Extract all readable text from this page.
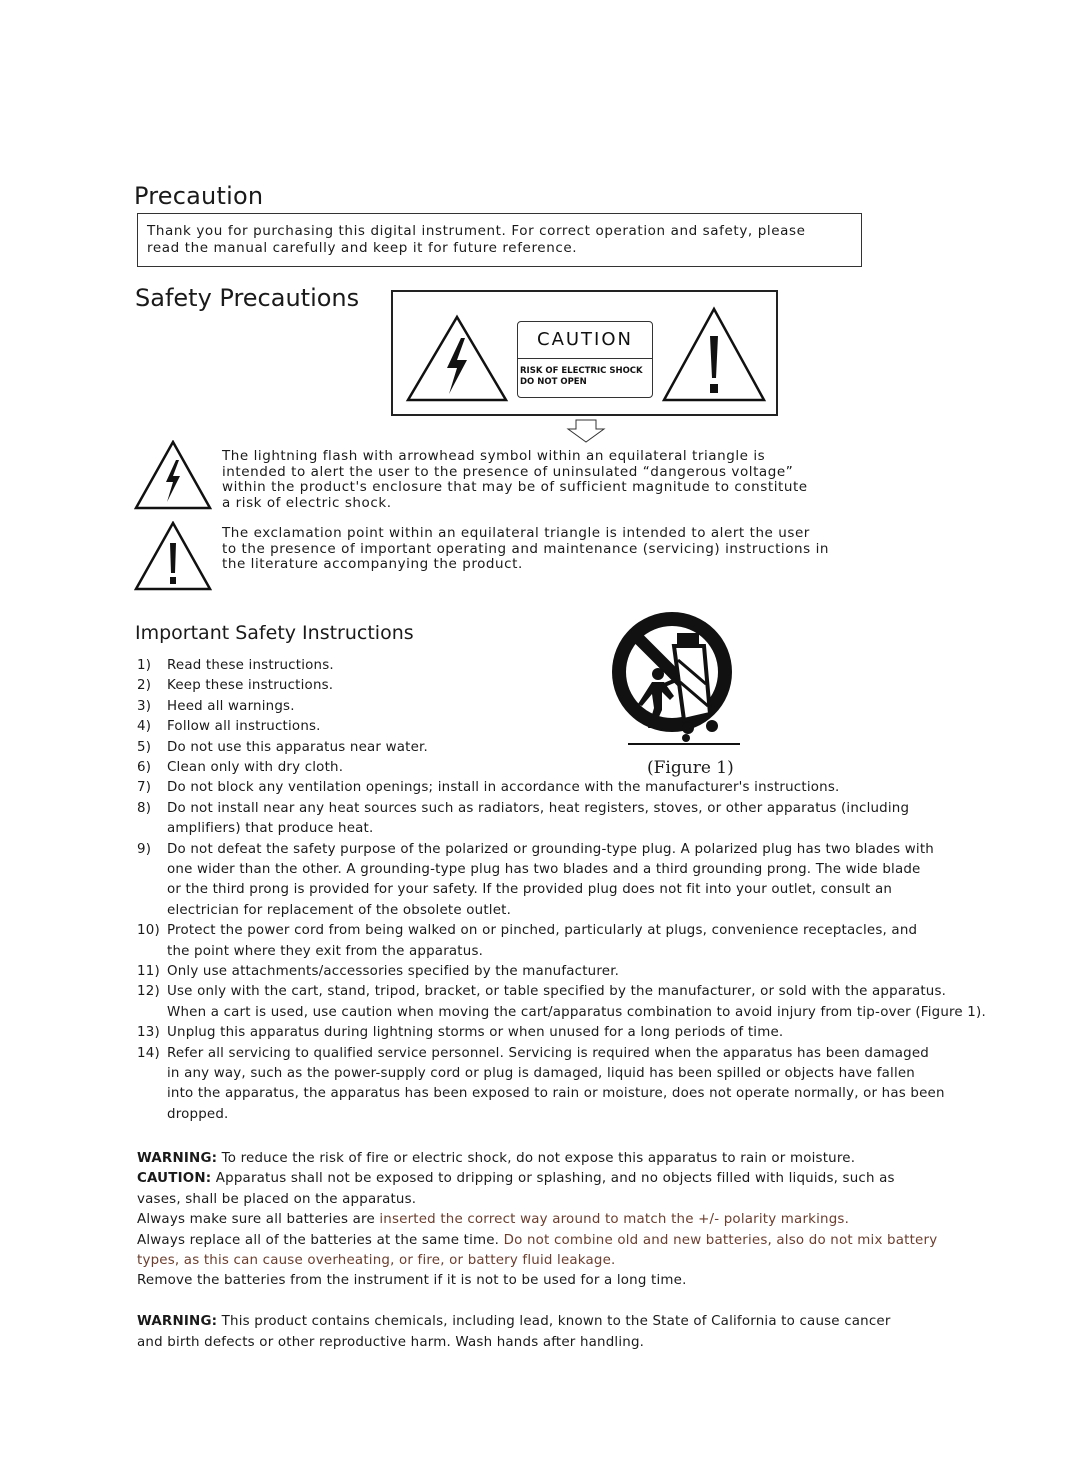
Precaution
Thank you for purchasing this digital instrument. For correct operation and safety, please
read the manual carefully and keep it for future reference.
Safety Precautions
CAUTION
RISK OF ELECTRIC SHOCK
DO NOT OPEN
The lightning flash with arrowhead symbol within an equilateral triangle is
intended to alert the user to the presence of uninsulated “dangerous voltage”
within the product's enclosure that may be of sufficient magnitude to constitute
a risk of electric shock.
The exclamation point within an equilateral triangle is intended to alert the user
to the presence of important operating and maintenance (servicing) instructions in
the literature accompanying the product.
Important Safety Instructions
(Figure 1)
1) Read these instructions.
2) Keep these instructions.
3) Heed all warnings.
4) Follow all instructions.
5) Do not use this apparatus near water.
6) Clean only with dry cloth.
7) Do not block any ventilation openings; install in accordance with the manufacturer's instructions.
8) Do not install near any heat sources such as radiators, heat registers, stoves, or other apparatus (including
amplifiers) that produce heat.
9) Do not defeat the safety purpose of the polarized or grounding-type plug. A polarized plug has two blades with
one wider than the other. A grounding-type plug has two blades and a third grounding prong. The wide blade
or the third prong is provided for your safety. If the provided plug does not fit into your outlet, consult an
electrician for replacement of the obsolete outlet.
10) Protect the power cord from being walked on or pinched, particularly at plugs, convenience receptacles, and
the point where they exit from the apparatus.
11) Only use attachments/accessories specified by the manufacturer.
12) Use only with the cart, stand, tripod, bracket, or table specified by the manufacturer, or sold with the apparatus.
When a cart is used, use caution when moving the cart/apparatus combination to avoid injury from tip-over (Figure 1).
13) Unplug this apparatus during lightning storms or when unused for a long periods of time.
14) Refer all servicing to qualified service personnel. Servicing is required when the apparatus has been damaged
in any way, such as the power-supply cord or plug is damaged, liquid has been spilled or objects have fallen
into the apparatus, the apparatus has been exposed to rain or moisture, does not operate normally, or has been
dropped.
WARNING: To reduce the risk of fire or electric shock, do not expose this apparatus to rain or moisture.
CAUTION: Apparatus shall not be exposed to dripping or splashing, and no objects filled with liquids, such as
vases, shall be placed on the apparatus.
Always make sure all batteries are inserted the correct way around to match the +/- polarity markings.
Always replace all of the batteries at the same time. Do not combine old and new batteries, also do not mix battery
types, as this can cause overheating, or fire, or battery fluid leakage.
Remove the batteries from the instrument if it is not to be used for a long time.
WARNING: This product contains chemicals, including lead, known to the State of California to cause cancer
and birth defects or other reproductive harm. Wash hands after handling.
